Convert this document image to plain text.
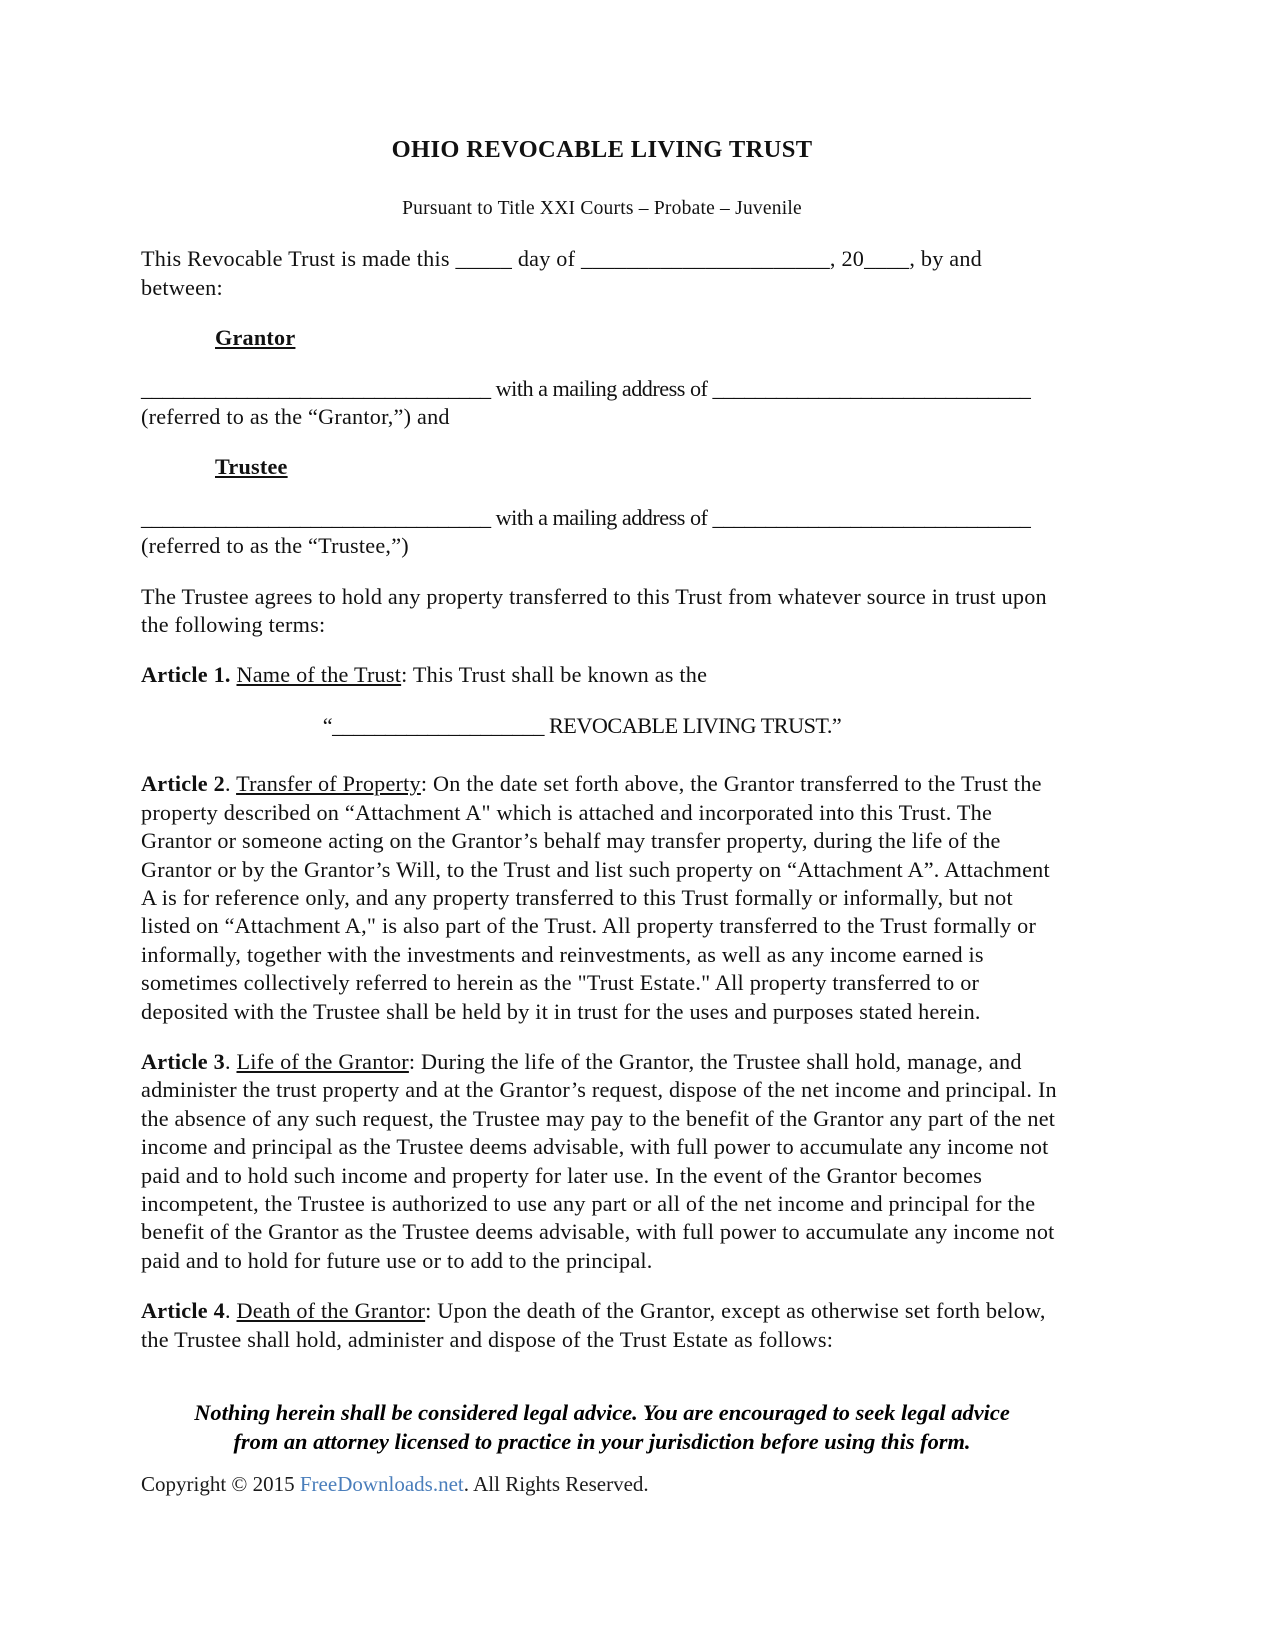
OHIO REVOCABLE LIVING TRUST
Pursuant to Title XXI Courts – Probate – Juvenile

This Revocable Trust is made this _____ day of ______________________, 20____, by and between:

Grantor

_________________________________ with a mailing address of ______________________________

(referred to as the “Grantor,”) and

Trustee

_________________________________ with a mailing address of ______________________________

(referred to as the “Trustee,”)

The Trustee agrees to hold any property transferred to this Trust from whatever source in trust upon the following terms:

Article 1. Name of the Trust: This Trust shall be known as the

“____________________ REVOCABLE LIVING TRUST.”

Article 2. Transfer of Property: On the date set forth above, the Grantor transferred to the Trust the property described on “Attachment A" which is attached and incorporated into this Trust. The Grantor or someone acting on the Grantor’s behalf may transfer property, during the life of the Grantor or by the Grantor’s Will, to the Trust and list such property on “Attachment A”. Attachment A is for reference only, and any property transferred to this Trust formally or informally, but not listed on “Attachment A," is also part of the Trust. All property transferred to the Trust formally or informally, together with the investments and reinvestments, as well as any income earned is sometimes collectively referred to herein as the "Trust Estate." All property transferred to or deposited with the Trustee shall be held by it in trust for the uses and purposes stated herein.

Article 3. Life of the Grantor: During the life of the Grantor, the Trustee shall hold, manage, and administer the trust property and at the Grantor’s request, dispose of the net income and principal. In the absence of any such request, the Trustee may pay to the benefit of the Grantor any part of the net income and principal as the Trustee deems advisable, with full power to accumulate any income not paid and to hold such income and property for later use. In the event of the Grantor becomes incompetent, the Trustee is authorized to use any part or all of the net income and principal for the benefit of the Grantor as the Trustee deems advisable, with full power to accumulate any income not paid and to hold for future use or to add to the principal.

Article 4. Death of the Grantor: Upon the death of the Grantor, except as otherwise set forth below, the Trustee shall hold, administer and dispose of the Trust Estate as follows:

Nothing herein shall be considered legal advice. You are encouraged to seek legal advice
from an attorney licensed to practice in your jurisdiction before using this form.
Copyright © 2015 FreeDownloads.net. All Rights Reserved.
